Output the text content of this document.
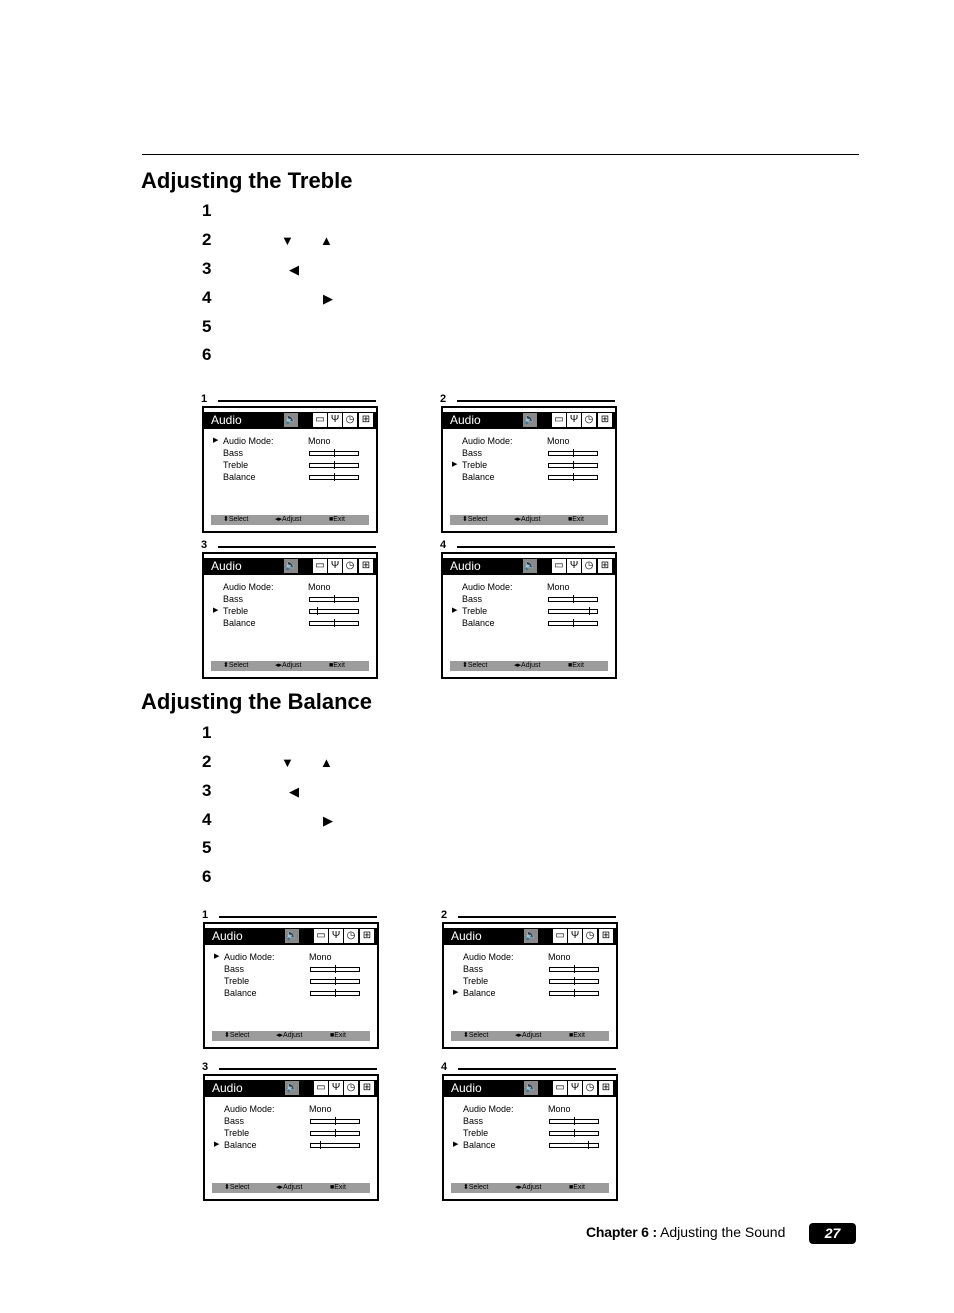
Adjusting the Treble
1
2	▼ ▲
3	◀
4	▶
5
6
1
Audio	🔈 ▭ Ψ ◷ ⊞
▶ Audio Mode:	Mono
Bass
Treble
Balance
⬍Select	◂▸Adjust	■Exit
2
Audio	🔈 ▭ Ψ ◷ ⊞
Audio Mode:	Mono
Bass
▶ Treble
Balance
⬍Select	◂▸Adjust	■Exit
3
Audio	🔈 ▭ Ψ ◷ ⊞
Audio Mode:	Mono
Bass
▶ Treble
Balance
⬍Select	◂▸Adjust	■Exit
4
Audio	🔈 ▭ Ψ ◷ ⊞
Audio Mode:	Mono
Bass
▶ Treble
Balance
⬍Select	◂▸Adjust	■Exit
Adjusting the Balance
1
2	▼ ▲
3	◀
4	▶
5
6
1
Audio	🔈 ▭ Ψ ◷ ⊞
▶ Audio Mode:	Mono
Bass
Treble
Balance
⬍Select	◂▸Adjust	■Exit
2
Audio	🔈 ▭ Ψ ◷ ⊞
Audio Mode:	Mono
Bass
Treble
▶ Balance
⬍Select	◂▸Adjust	■Exit
3
Audio	🔈 ▭ Ψ ◷ ⊞
Audio Mode:	Mono
Bass
Treble
▶ Balance
⬍Select	◂▸Adjust	■Exit
4
Audio	🔈 ▭ Ψ ◷ ⊞
Audio Mode:	Mono
Bass
Treble
▶ Balance
⬍Select	◂▸Adjust	■Exit
Chapter 6 : Adjusting the Sound	27
